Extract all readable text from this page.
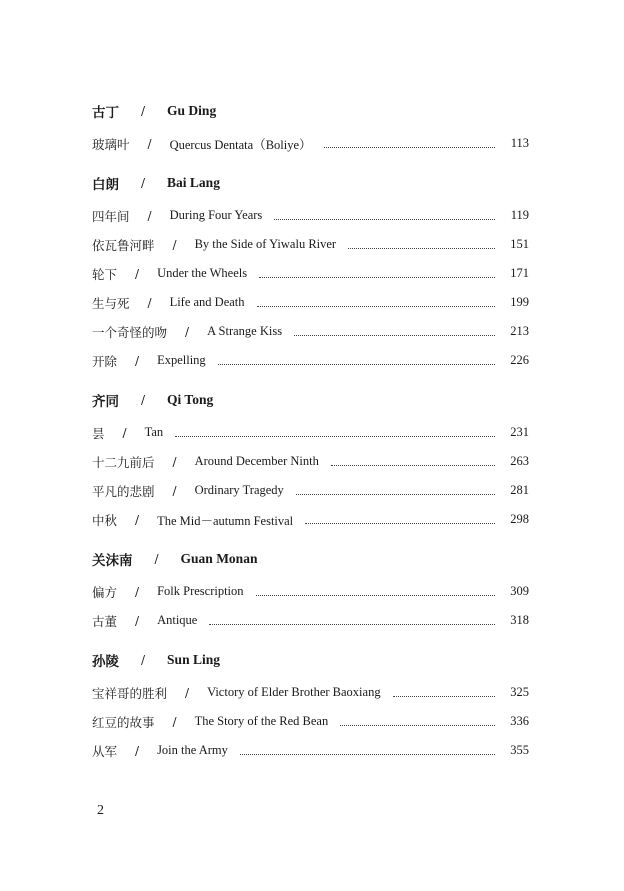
古丁 / Gu Ding
玻璃叶 / Quercus Dentata（Boliye）	113
白朗 / Bai Lang
四年间 / During Four Years	119
依瓦鲁河畔 / By the Side of Yiwalu River	151
轮下 / Under the Wheels	171
生与死 / Life and Death	199
一个奇怪的吻 / A Strange Kiss	213
开除 / Expelling	226
齐同 / Qi Tong
昙 / Tan	231
十二九前后 / Around December Ninth	263
平凡的悲剧 / Ordinary Tragedy	281
中秋 / The Mid－autumn Festival	298
关沫南 / Guan Monan
偏方 / Folk Prescription	309
古董 / Antique	318
孙陵 / Sun Ling
宝祥哥的胜利 / Victory of Elder Brother Baoxiang	325
红豆的故事 / The Story of the Red Bean	336
从军 / Join the Army	355
2
